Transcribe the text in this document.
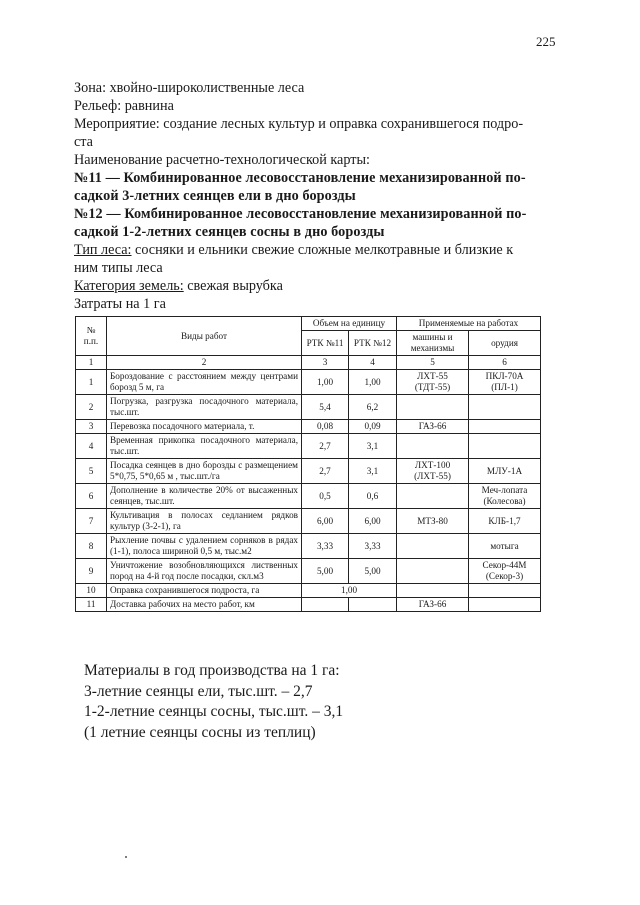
225
Зона: хвойно-широколиственные леса
Рельеф: равнина
Мероприятие: создание лесных культур и оправка сохранившегося подро-
ста
Наименование расчетно-технологической карты:
№11 — Комбинированное лесовосстановление механизированной по-
садкой 3-летних сеянцев ели в дно борозды
№12 — Комбинированное лесовосстановление механизированной по-
садкой 1-2-летних сеянцев сосны в дно борозды
Тип леса: сосняки и ельники свежие сложные мелкотравные и близкие к
ним типы леса
Категория земель: свежая вырубка
Затраты на 1 га
№ п.п.	Виды работ	Объем на единицу		Применяемые на работах	
		РТК №11	РТК №12	машины и механизмы	орудия
1	2	3	4	5	6
1	Бороздование с расстоянием между центрами борозд 5 м, га	1,00	1,00	ЛХТ-55 (ТДТ-55)	ПКЛ-70А (ПЛ-1)
2	Погрузка, разгрузка посадочного материала, тыс.шт.	5,4	6,2		
3	Перевозка посадочного материала, т.	0,08	0,09	ГАЗ-66	
4	Временная прикопка посадочного материала, тыс.шт.	2,7	3,1		
5	Посадка сеянцев в дно борозды с размещением 5*0,75, 5*0,65 м , тыс.шт./га	2,7	3,1	ЛХТ-100 (ЛХТ-55)	МЛУ-1А
6	Дополнение в количестве 20% от высаженных сеянцев, тыс.шт.	0,5	0,6		Меч-лопата (Колесова)
7	Культивация в полосах седланием рядков культур (3-2-1), га	6,00	6,00	МТЗ-80	КЛБ-1,7
8	Рыхление почвы с удалением сорняков в рядах (1-1), полоса шириной 0,5 м, тыс.м2	3,33	3,33		мотыга
9	Уничтожение возобновляющихся лиственных пород на 4-й год после посадки, скл.м3	5,00	5,00		Секор-44М (Секор-3)
10	Оправка сохранившегося подроста, га	1,00			
11	Доставка рабочих на место работ, км			ГАЗ-66	
Материалы в год производства на 1 га:
3-летние сеянцы ели, тыс.шт. – 2,7
1-2-летние сеянцы сосны, тыс.шт. – 3,1
(1 летние сеянцы сосны из теплиц)
